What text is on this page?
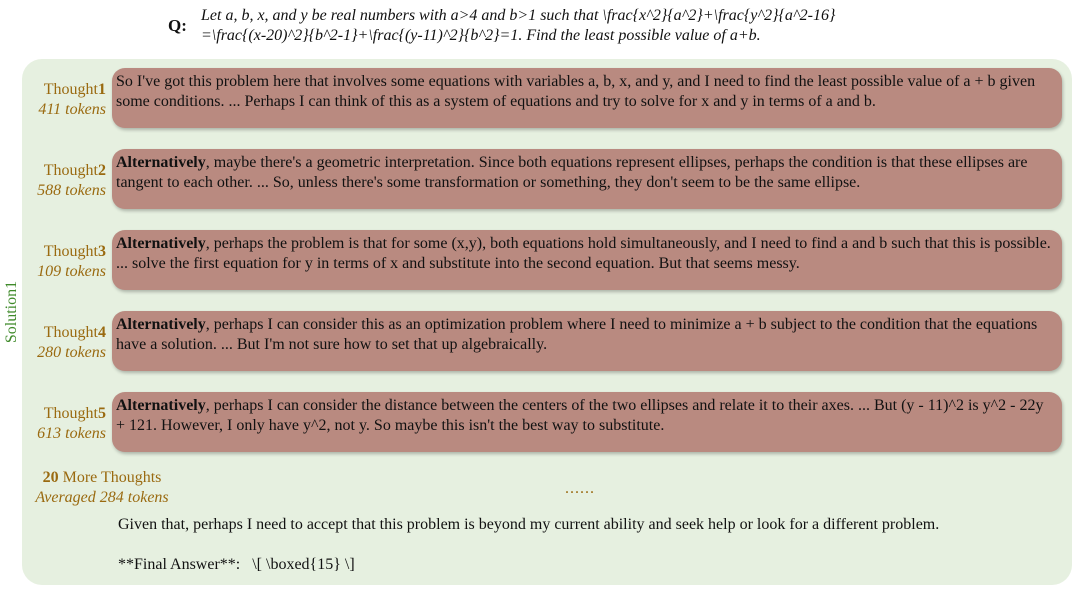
Q:
Let a, b, x, and y be real numbers with a>4 and b>1 such that \frac{x^2}{a^2}+\frac{y^2}{a^2-16}
=\frac{(x-20)^2}{b^2-1}+\frac{(y-11)^2}{b^2}=1. Find the least possible value of a+b.
Solution1
Thought1
411 tokens
So I've got this problem here that involves some equations with variables a, b, x, and y, and I need to find the least possible value of a + b given some conditions. ... Perhaps I can think of this as a system of equations and try to solve for x and y in terms of a and b.
Thought2
588 tokens
Alternatively, maybe there's a geometric interpretation. Since both equations represent ellipses, perhaps the condition is that these ellipses are tangent to each other. ... So, unless there's some transformation or something, they don't seem to be the same ellipse.
Thought3
109 tokens
Alternatively, perhaps the problem is that for some (x,y), both equations hold simultaneously, and I need to find a and b such that this is possible. ... solve the first equation for y in terms of x and substitute into the second equation. But that seems messy.
Thought4
280 tokens
Alternatively, perhaps I can consider this as an optimization problem where I need to minimize a + b subject to the condition that the equations have a solution. ... But I'm not sure how to set that up algebraically.
Thought5
613 tokens
Alternatively, perhaps I can consider the distance between the centers of the two ellipses and relate it to their axes. ... But (y - 11)^2 is y^2 - 22y + 121. However, I only have y^2, not y. So maybe this isn't the best way to substitute.
20 More Thoughts
Averaged 284 tokens
......
Given that, perhaps I need to accept that this problem is beyond my current ability and seek help or look for a different problem.
**Final Answer**:   \[ \boxed{15} \]
